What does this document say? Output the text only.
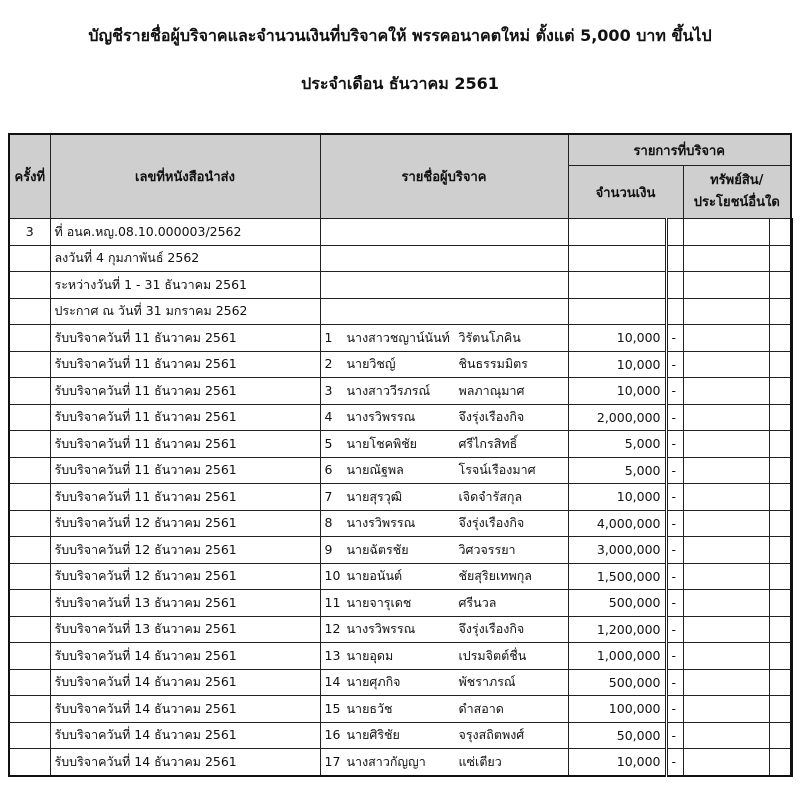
บัญชีรายชื่อผู้บริจาคและจำนวนเงินที่บริจาคให้ พรรคอนาคตใหม่ ตั้งแต่ 5,000 บาท ขึ้นไป
ประจำเดือน ธันวาคม 2561
ครั้งที่	เลขที่หนังสือนำส่ง	รายชื่อผู้บริจาค	รายการที่บริจาค			
			จำนวนเงิน		ทรัพย์สิน/
ประโยชน์อื่นใด	

3	ที่ อนค.หญ.08.10.000003/2562					
	ลงวันที่ 4 กุมภาพันธ์ 2562					
	ระหว่างวันที่ 1 - 31 ธันวาคม 2561					
	ประกาศ ณ วันที่ 31 มกราคม 2562					
	รับบริจาควันที่ 11 ธันวาคม 2561	1 นางสาวชญาน์นันท์ วิรัตนโภคิน	10,000	-		
	รับบริจาควันที่ 11 ธันวาคม 2561	2 นายวิชญ์ ชินธรรมมิตร	10,000	-		
	รับบริจาควันที่ 11 ธันวาคม 2561	3 นางสาววีรภรณ์ พลภาณุมาศ	10,000	-		
	รับบริจาควันที่ 11 ธันวาคม 2561	4 นางรวิพรรณ จึงรุ่งเรืองกิจ	2,000,000	-		
	รับบริจาควันที่ 11 ธันวาคม 2561	5 นายโชคพิชัย ศรีไกรสิทธิ์	5,000	-		
	รับบริจาควันที่ 11 ธันวาคม 2561	6 นายณัฐพล โรจน์เรืองมาศ	5,000	-		
	รับบริจาควันที่ 11 ธันวาคม 2561	7 นายสุรวุฒิ เจิดจำรัสกุล	10,000	-		
	รับบริจาควันที่ 12 ธันวาคม 2561	8 นางรวิพรรณ จึงรุ่งเรืองกิจ	4,000,000	-		
	รับบริจาควันที่ 12 ธันวาคม 2561	9 นายฉัตรชัย วิศวจรรยา	3,000,000	-		
	รับบริจาควันที่ 12 ธันวาคม 2561	10 นายอนันต์ ชัยสุริยเทพกุล	1,500,000	-		
	รับบริจาควันที่ 13 ธันวาคม 2561	11 นายจารุเดช ศรีนวล	500,000	-		
	รับบริจาควันที่ 13 ธันวาคม 2561	12 นางรวิพรรณ จึงรุ่งเรืองกิจ	1,200,000	-		
	รับบริจาควันที่ 14 ธันวาคม 2561	13 นายอุดม เปรมจิตต์ชื่น	1,000,000	-		
	รับบริจาควันที่ 14 ธันวาคม 2561	14 นายศุภกิจ พัชราภรณ์	500,000	-		
	รับบริจาควันที่ 14 ธันวาคม 2561	15 นายธวัช ดำสอาด	100,000	-		
	รับบริจาควันที่ 14 ธันวาคม 2561	16 นายศิริชัย จรุงสถิตพงศ์	50,000	-		
	รับบริจาควันที่ 14 ธันวาคม 2561	17 นางสาวกัญญา แซ่เตียว	10,000	-		
